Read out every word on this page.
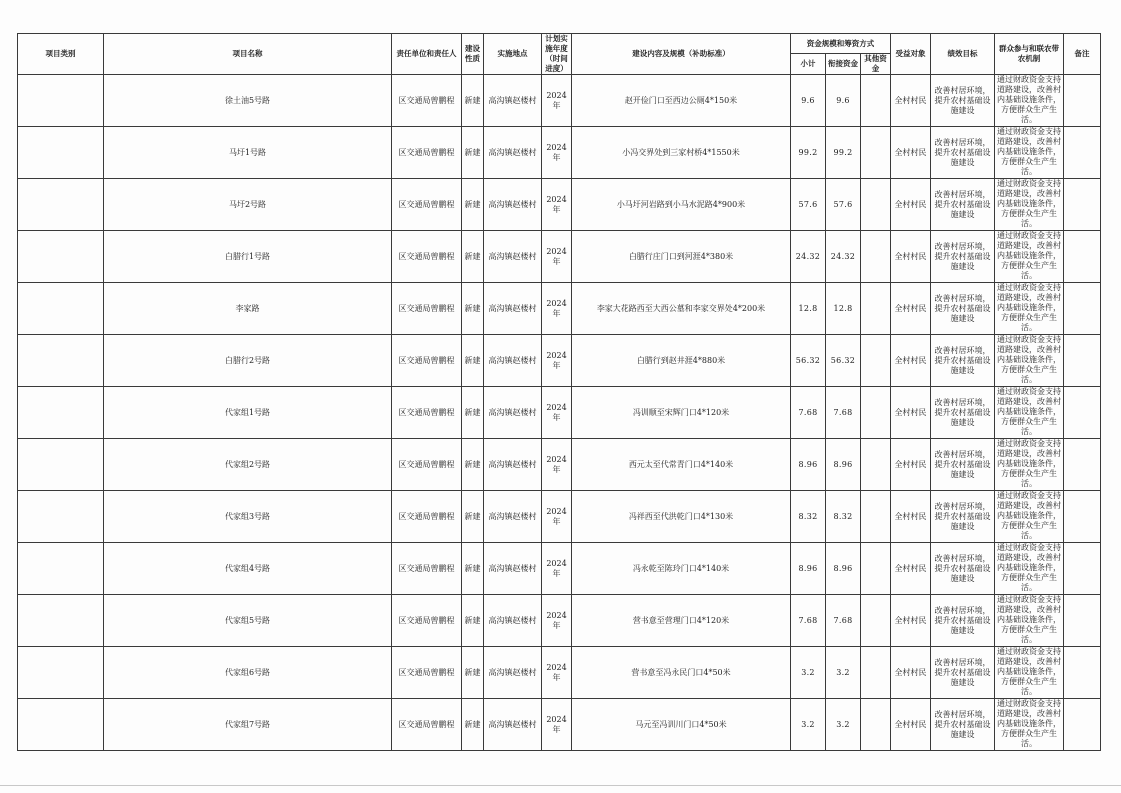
项目类别	项目名称	责任单位和责任人	建设性质	实施地点	计划实施年度（时间进度）	建设内容及规模（补助标准）	资金规模和筹资方式			受益对象	绩效目标	群众参与和联农带农机制	备注
							小计	衔接资金	其他资金				
	徐土油5号路	区交通局曾鹏程	新建	高沟镇赵楼村	2024年	赵开俭门口至西边公厕4*150米	9.6	9.6		全村村民	改善村居环境，提升农村基础设施建设	通过财政资金支持道路建设，改善村内基础设施条件，方便群众生产生活。	

	马圩1号路	区交通局曾鹏程	新建	高沟镇赵楼村	2024年	小冯交界处到三家村桥4*1550米	99.2	99.2		全村村民	改善村居环境，提升农村基础设施建设	通过财政资金支持道路建设，改善村内基础设施条件，方便群众生产生活。	

	马圩2号路	区交通局曾鹏程	新建	高沟镇赵楼村	2024年	小马圩河岩路到小马水泥路4*900米	57.6	57.6		全村村民	改善村居环境，提升农村基础设施建设	通过财政资金支持道路建设，改善村内基础设施条件，方便群众生产生活。	

	白腊行1号路	区交通局曾鹏程	新建	高沟镇赵楼村	2024年	白腊行庄门口到河涯4*380米	24.32	24.32		全村村民	改善村居环境，提升农村基础设施建设	通过财政资金支持道路建设，改善村内基础设施条件，方便群众生产生活。	

	李家路	区交通局曾鹏程	新建	高沟镇赵楼村	2024年	李家大花路西至大西公墓和李家交界处4*200米	12.8	12.8		全村村民	改善村居环境，提升农村基础设施建设	通过财政资金支持道路建设，改善村内基础设施条件，方便群众生产生活。	

	白腊行2号路	区交通局曾鹏程	新建	高沟镇赵楼村	2024年	白腊行到赵井涯4*880米	56.32	56.32		全村村民	改善村居环境，提升农村基础设施建设	通过财政资金支持道路建设，改善村内基础设施条件，方便群众生产生活。	

	代家组1号路	区交通局曾鹏程	新建	高沟镇赵楼村	2024年	冯训顺至宋辉门口4*120米	7.68	7.68		全村村民	改善村居环境，提升农村基础设施建设	通过财政资金支持道路建设，改善村内基础设施条件，方便群众生产生活。	

	代家组2号路	区交通局曾鹏程	新建	高沟镇赵楼村	2024年	西元太至代常青门口4*140米	8.96	8.96		全村村民	改善村居环境，提升农村基础设施建设	通过财政资金支持道路建设，改善村内基础设施条件，方便群众生产生活。	

	代家组3号路	区交通局曾鹏程	新建	高沟镇赵楼村	2024年	冯祥西至代洪乾门口4*130米	8.32	8.32		全村村民	改善村居环境，提升农村基础设施建设	通过财政资金支持道路建设，改善村内基础设施条件，方便群众生产生活。	

	代家组4号路	区交通局曾鹏程	新建	高沟镇赵楼村	2024年	冯永乾至陈玲门口4*140米	8.96	8.96		全村村民	改善村居环境，提升农村基础设施建设	通过财政资金支持道路建设，改善村内基础设施条件，方便群众生产生活。	

	代家组5号路	区交通局曾鹏程	新建	高沟镇赵楼村	2024年	营书意至营理门口4*120米	7.68	7.68		全村村民	改善村居环境，提升农村基础设施建设	通过财政资金支持道路建设，改善村内基础设施条件，方便群众生产生活。	

	代家组6号路	区交通局曾鹏程	新建	高沟镇赵楼村	2024年	营书意至冯永民门口4*50米	3.2	3.2		全村村民	改善村居环境，提升农村基础设施建设	通过财政资金支持道路建设，改善村内基础设施条件，方便群众生产生活。	

	代家组7号路	区交通局曾鹏程	新建	高沟镇赵楼村	2024年	马元至冯训川门口4*50米	3.2	3.2		全村村民	改善村居环境，提升农村基础设施建设	通过财政资金支持道路建设，改善村内基础设施条件，方便群众生产生活。	
